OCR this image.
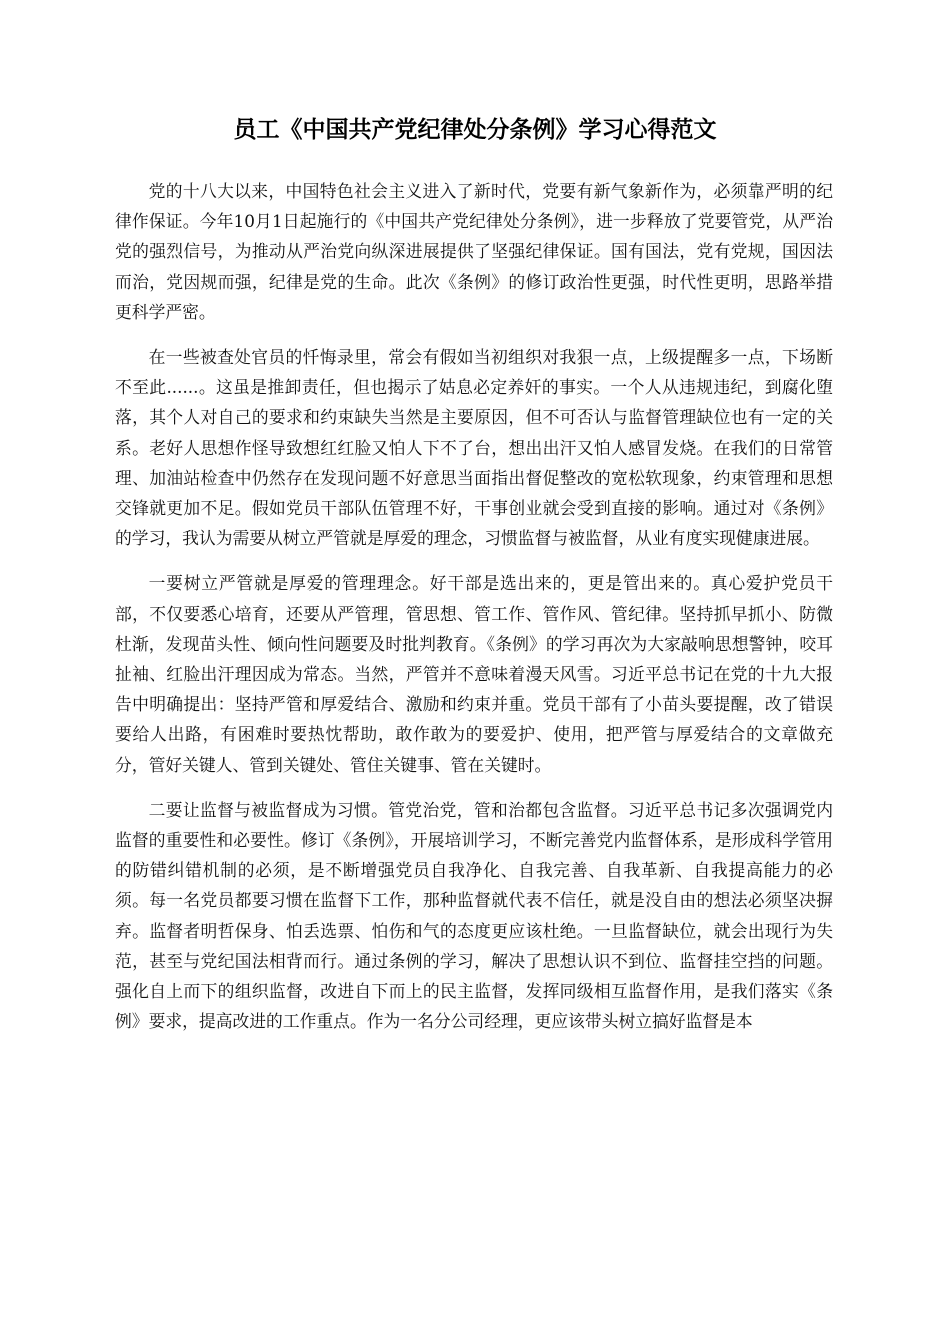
员工《中国共产党纪律处分条例》学习心得范文

党的十八大以来，中国特色社会主义进入了新时代，党要有新气象新作为，必须靠严明的纪律作保证。今年10月1日起施行的《中国共产党纪律处分条例》，进一步释放了党要管党，从严治党的强烈信号，为推动从严治党向纵深进展提供了坚强纪律保证。国有国法，党有党规，国因法而治，党因规而强，纪律是党的生命。此次《条例》的修订政治性更强，时代性更明，思路举措更科学严密。

在一些被查处官员的忏悔录里，常会有假如当初组织对我狠一点，上级提醒多一点，下场断不至此......。这虽是推卸责任，但也揭示了姑息必定养奸的事实。一个人从违规违纪，到腐化堕落，其个人对自己的要求和约束缺失当然是主要原因，但不可否认与监督管理缺位也有一定的关系。老好人思想作怪导致想红红脸又怕人下不了台，想出出汗又怕人感冒发烧。在我们的日常管理、加油站检查中仍然存在发现问题不好意思当面指出督促整改的宽松软现象，约束管理和思想交锋就更加不足。假如党员干部队伍管理不好，干事创业就会受到直接的影响。通过对《条例》的学习，我认为需要从树立严管就是厚爱的理念，习惯监督与被监督，从业有度实现健康进展。

一要树立严管就是厚爱的管理理念。好干部是选出来的，更是管出来的。真心爱护党员干部，不仅要悉心培育，还要从严管理，管思想、管工作、管作风、管纪律。坚持抓早抓小、防微杜渐，发现苗头性、倾向性问题要及时批判教育。《条例》的学习再次为大家敲响思想警钟，咬耳扯袖、红脸出汗理因成为常态。当然，严管并不意味着漫天风雪。习近平总书记在党的十九大报告中明确提出：坚持严管和厚爱结合、激励和约束并重。党员干部有了小苗头要提醒，改了错误要给人出路，有困难时要热忱帮助，敢作敢为的要爱护、使用，把严管与厚爱结合的文章做充分，管好关键人、管到关键处、管住关键事、管在关键时。

二要让监督与被监督成为习惯。管党治党，管和治都包含监督。习近平总书记多次强调党内监督的重要性和必要性。修订《条例》，开展培训学习，不断完善党内监督体系，是形成科学管用的防错纠错机制的必须，是不断增强党员自我净化、自我完善、自我革新、自我提高能力的必须。每一名党员都要习惯在监督下工作，那种监督就代表不信任，就是没自由的想法必须坚决摒弃。监督者明哲保身、怕丢选票、怕伤和气的态度更应该杜绝。一旦监督缺位，就会出现行为失范，甚至与党纪国法相背而行。通过条例的学习，解决了思想认识不到位、监督挂空挡的问题。强化自上而下的组织监督，改进自下而上的民主监督，发挥同级相互监督作用，是我们落实《条例》要求，提高改进的工作重点。作为一名分公司经理，更应该带头树立搞好监督是本
